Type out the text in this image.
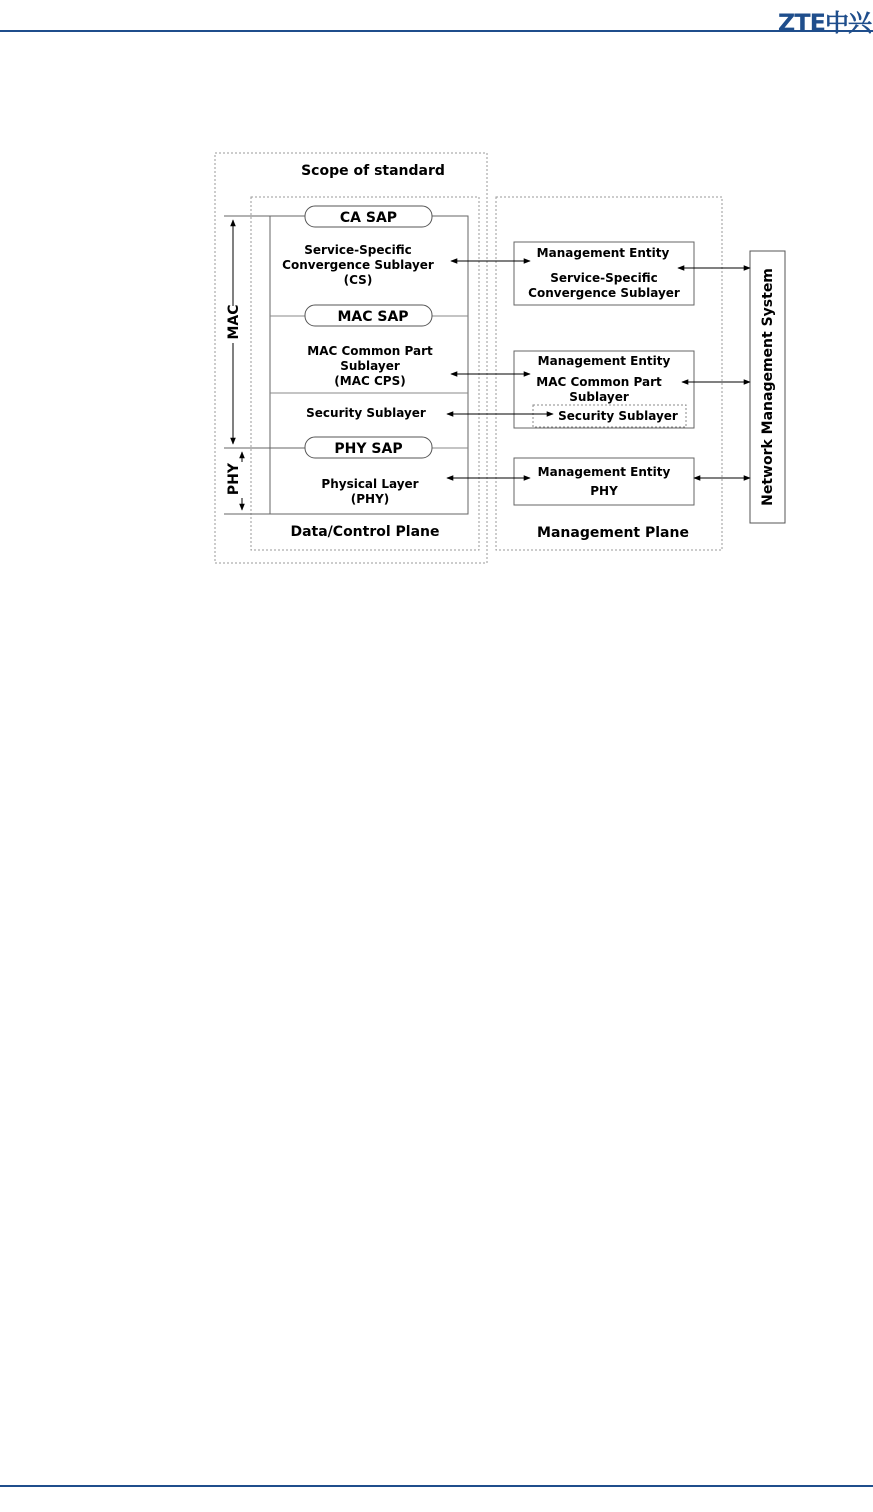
ZTE中兴
Scope of standard
CA SAP
MAC SAP
PHY SAP
Service-Specific
Convergence Sublayer
(CS)
MAC Common Part
Sublayer
(MAC CPS)
Security Sublayer
Physical Layer
(PHY)
Data/Control Plane
MAC
PHY
Management Plane
Management Entity
Service-Specific
Convergence Sublayer
Management Entity
MAC Common Part
Sublayer
Security Sublayer
Management Entity
PHY	Network Management System
